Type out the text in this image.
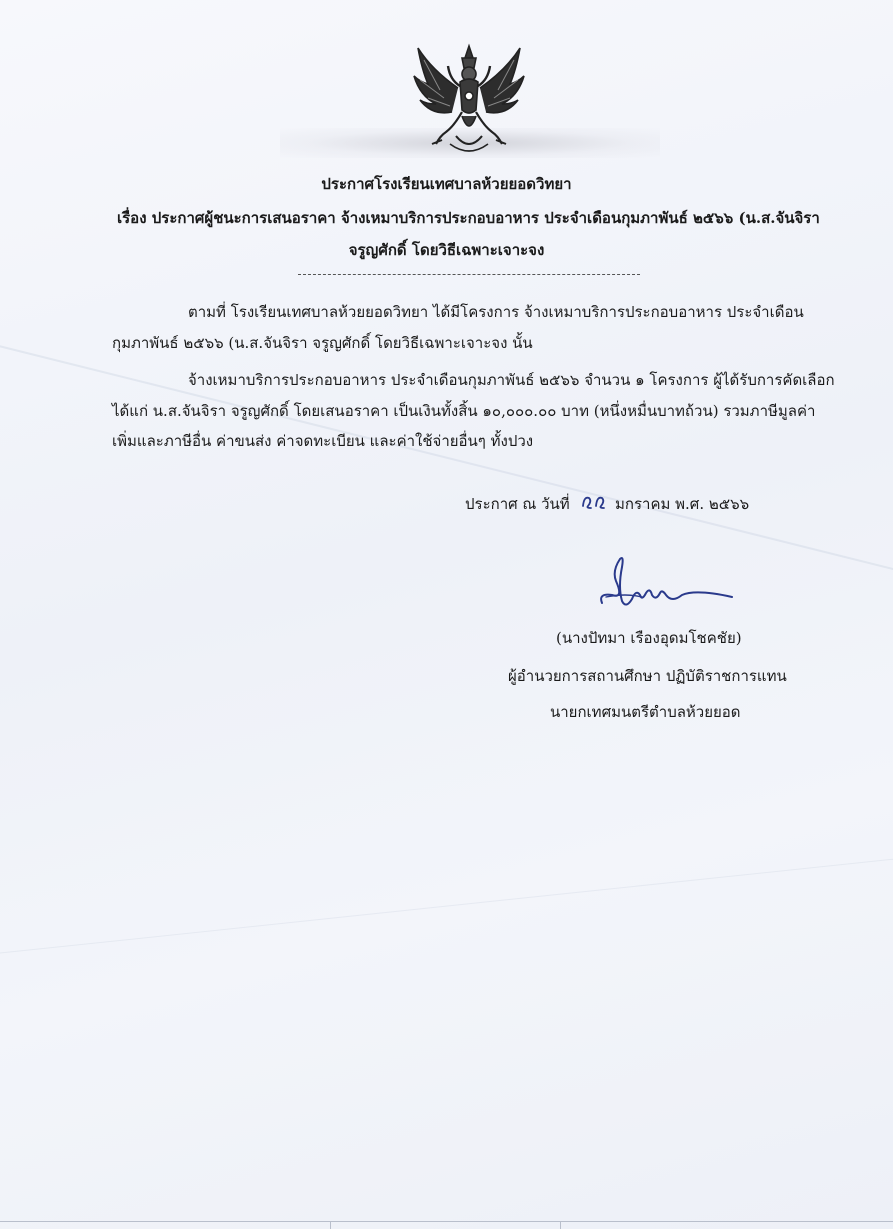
ประกาศโรงเรียนเทศบาลห้วยยอดวิทยา
เรื่อง ประกาศผู้ชนะการเสนอราคา จ้างเหมาบริการประกอบอาหาร ประจำเดือนกุมภาพันธ์ ๒๕๖๖ (น.ส.จันจิรา
จรูญศักดิ์ โดยวิธีเฉพาะเจาะจง
ตามที่ โรงเรียนเทศบาลห้วยยอดวิทยา ได้มีโครงการ จ้างเหมาบริการประกอบอาหาร ประจำเดือน
กุมภาพันธ์ ๒๕๖๖ (น.ส.จันจิรา จรูญศักดิ์ โดยวิธีเฉพาะเจาะจง นั้น
จ้างเหมาบริการประกอบอาหาร ประจำเดือนกุมภาพันธ์ ๒๕๖๖ จำนวน ๑ โครงการ ผู้ได้รับการคัดเลือก
ได้แก่ น.ส.จันจิรา จรูญศักดิ์ โดยเสนอราคา เป็นเงินทั้งสิ้น ๑๐,๐๐๐.๐๐ บาท (หนึ่งหมื่นบาทถ้วน) รวมภาษีมูลค่า
เพิ่มและภาษีอื่น ค่าขนส่ง ค่าจดทะเบียน และค่าใช้จ่ายอื่นๆ ทั้งปวง
ประกาศ ณ วันที่	มกราคม พ.ศ. ๒๕๖๖
(นางปัทมา เรืองอุดมโชคชัย)
ผู้อำนวยการสถานศึกษา ปฏิบัติราชการแทน
นายกเทศมนตรีตำบลห้วยยอด
